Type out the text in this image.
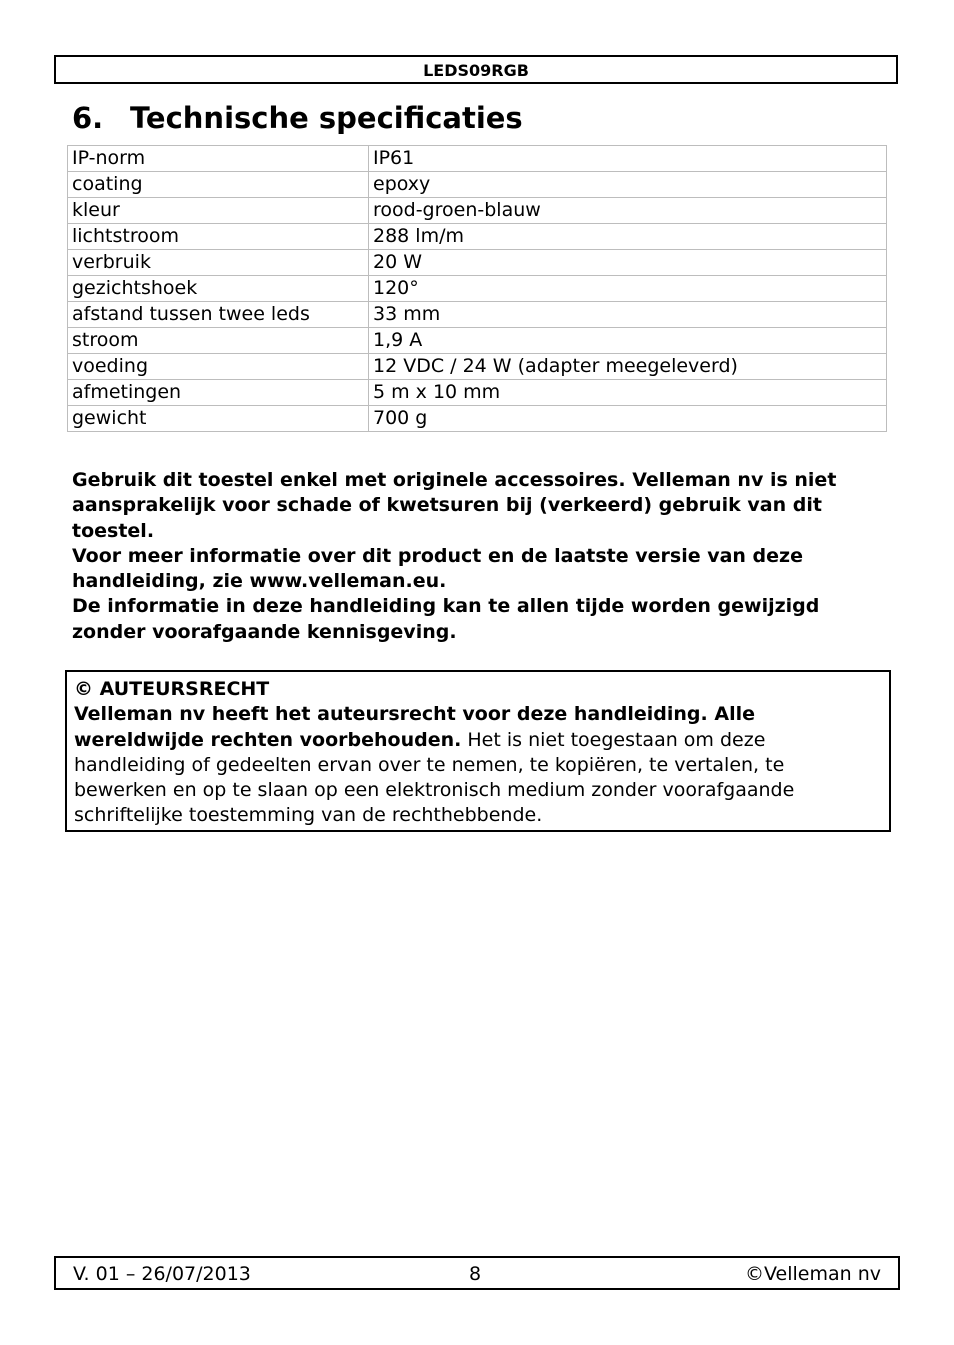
LEDS09RGB
6. Technische specificaties
IP-norm	IP61
coating	epoxy
kleur	rood-groen-blauw
lichtstroom	288 lm/m
verbruik	20 W
gezichtshoek	120°
afstand tussen twee leds	33 mm
stroom	1,9 A
voeding	12 VDC / 24 W (adapter meegeleverd)
afmetingen	5 m x 10 mm
gewicht	700 g

Gebruik dit toestel enkel met originele accessoires. Velleman nv is niet aansprakelijk voor schade of kwetsuren bij (verkeerd) gebruik van dit toestel.

Voor meer informatie over dit product en de laatste versie van deze handleiding, zie www.velleman.eu.

De informatie in deze handleiding kan te allen tijde worden gewijzigd zonder voorafgaande kennisgeving.

© AUTEURSRECHT
Velleman nv heeft het auteursrecht voor deze handleiding. Alle wereldwijde rechten voorbehouden. Het is niet toegestaan om deze handleiding of gedeelten ervan over te nemen, te kopiëren, te vertalen, te bewerken en op te slaan op een elektronisch medium zonder voorafgaande schriftelijke toestemming van de rechthebbende.
V. 01 – 26/07/2013	8	©Velleman nv
